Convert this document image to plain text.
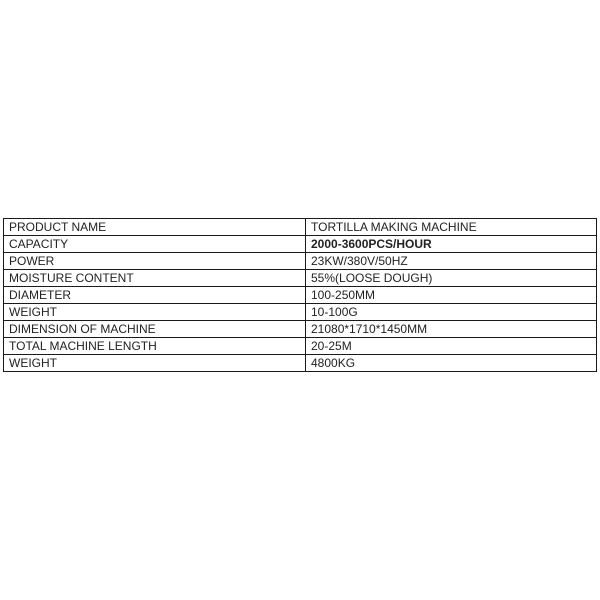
PRODUCT NAME	TORTILLA MAKING MACHINE
CAPACITY	2000-3600PCS/HOUR
POWER	23KW/380V/50HZ
MOISTURE CONTENT	55%(LOOSE DOUGH)
DIAMETER	100-250MM
WEIGHT	10-100G
DIMENSION OF MACHINE	21080*1710*1450MM
TOTAL MACHINE LENGTH	20-25M
WEIGHT	4800KG
